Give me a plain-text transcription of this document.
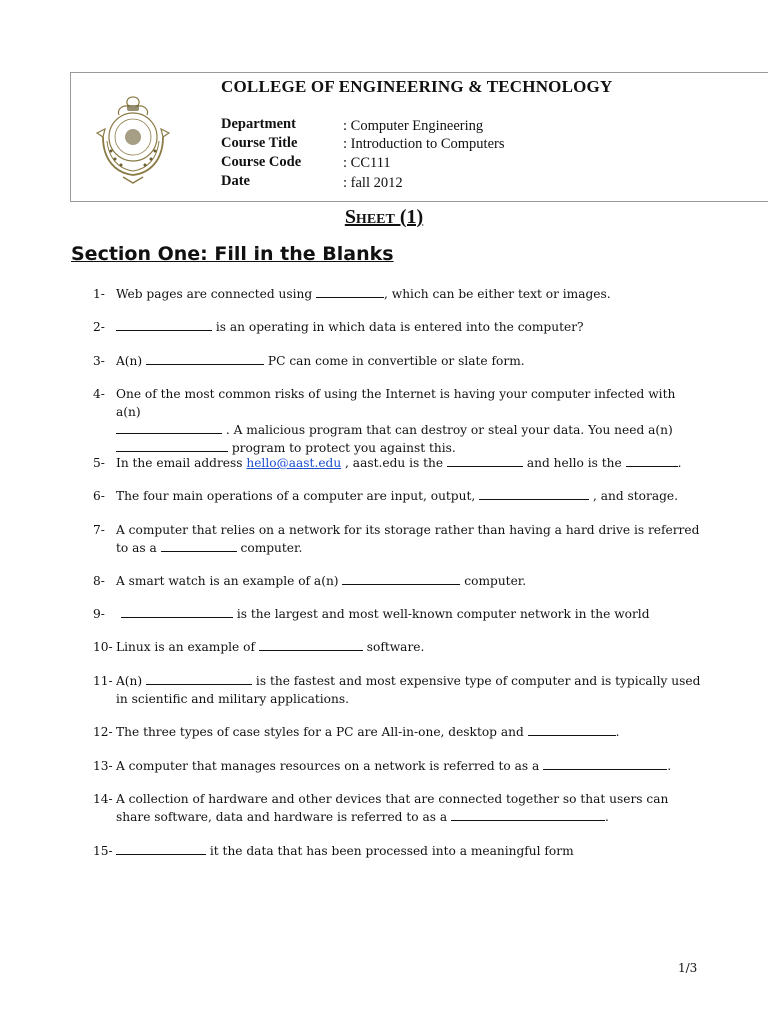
COLLEGE OF ENGINEERING & TECHNOLOGY
Department	: Computer Engineering
Course Title	: Introduction to Computers
Course Code	: CC111
Date	: fall 2012
Sheet (1)
Section One: Fill in the Blanks
1- Web pages are connected using	, which can be either text or images.
2-	is an operating in which data is entered into the computer?
3- A(n)	PC can come in convertible or slate form.
4- One of the most common risks of using the Internet is having your computer infected with a(n)
. A malicious program that can destroy or steal your data. You need a(n)
program to protect you against this.
5- In the email address hello@aast.edu , aast.edu is the	and hello is the	.
6- The four main operations of a computer are input, output,	, and storage.
7- A computer that relies on a network for its storage rather than having a hard drive is referred to as a	computer.
8- A smart watch is an example of a(n)	computer.
9-	is the largest and most well-known computer network in the world
10- Linux is an example of	software.
11- A(n)	is the fastest and most expensive type of computer and is typically used in scientific and military applications.
12- The three types of case styles for a PC are All-in-one, desktop and	.
13- A computer that manages resources on a network is referred to as a	.
14- A collection of hardware and other devices that are connected together so that users can share software, data and hardware is referred to as a	.
15-	it the data that has been processed into a meaningful form
1/3
